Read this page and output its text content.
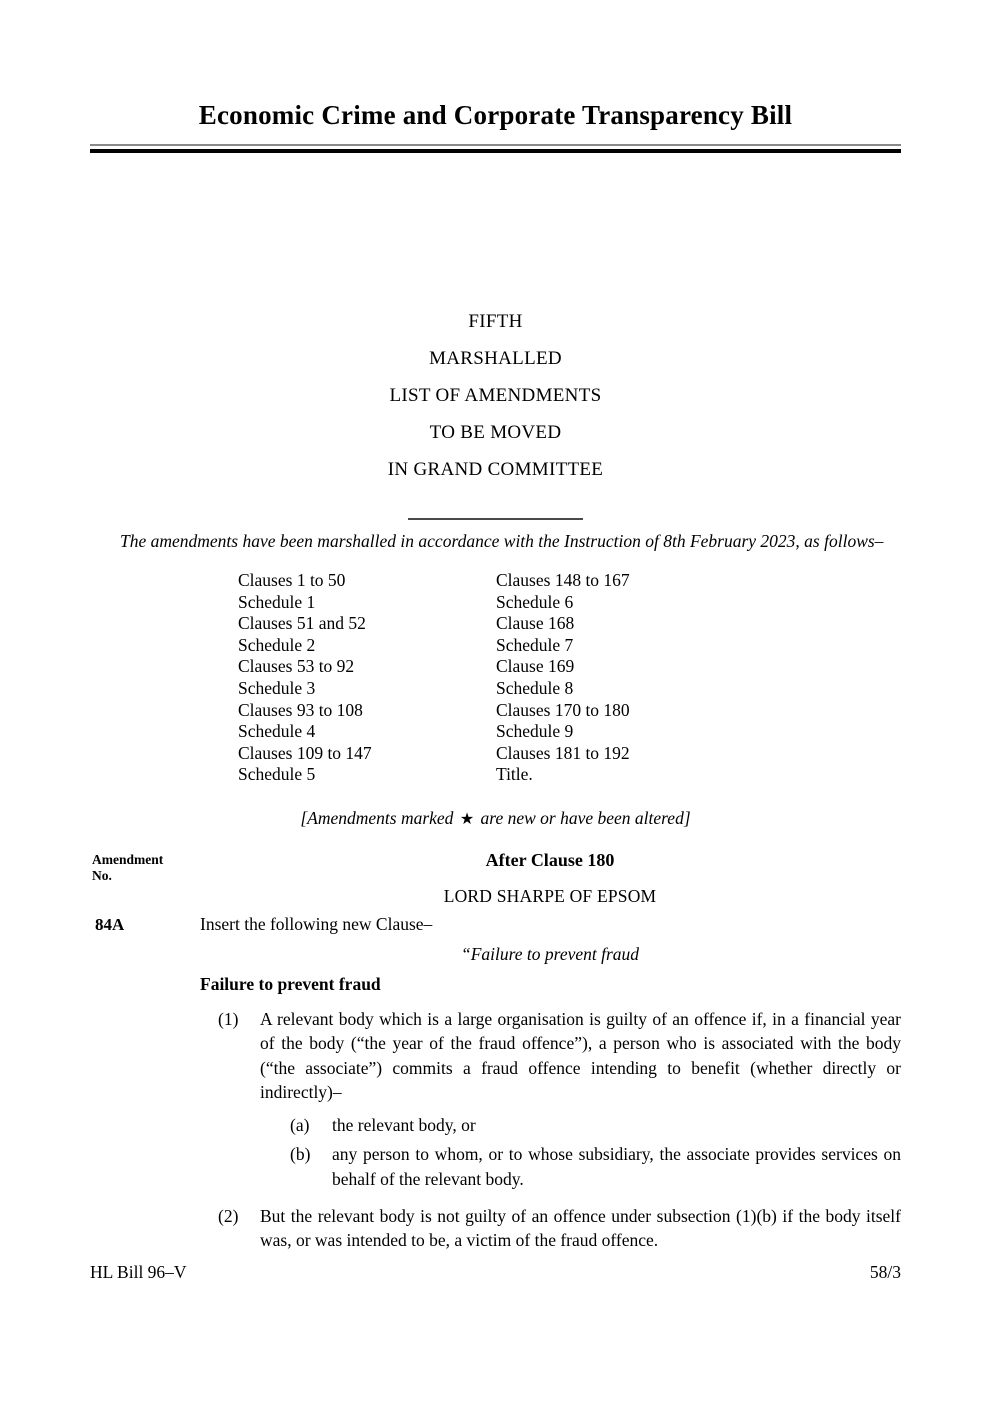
Economic Crime and Corporate Transparency Bill
FIFTH
MARSHALLED
LIST OF AMENDMENTS
TO BE MOVED
IN GRAND COMMITTEE
The amendments have been marshalled in accordance with the Instruction of 8th February 2023, as follows–
Clauses 1 to 50
Schedule 1
Clauses 51 and 52
Schedule 2
Clauses 53 to 92
Schedule 3
Clauses 93 to 108
Schedule 4
Clauses 109 to 147
Schedule 5
Clauses 148 to 167
Schedule 6
Clause 168
Schedule 7
Clause 169
Schedule 8
Clauses 170 to 180
Schedule 9
Clauses 181 to 192
Title.
[Amendments marked ★ are new or have been altered]
Amendment
No.
After Clause 180
LORD SHARPE OF EPSOM
84A	Insert the following new Clause–
“Failure to prevent fraud
Failure to prevent fraud
(1)	A relevant body which is a large organisation is guilty of an offence if, in a financial year of the body (“the year of the fraud offence”), a person who is associated with the body (“the associate”) commits a fraud offence intending to benefit (whether directly or indirectly)–
(a)	the relevant body, or
(b)	any person to whom, or to whose subsidiary, the associate provides services on behalf of the relevant body.
(2)	But the relevant body is not guilty of an offence under subsection (1)(b) if the body itself was, or was intended to be, a victim of the fraud offence.
HL Bill 96–V	58/3
